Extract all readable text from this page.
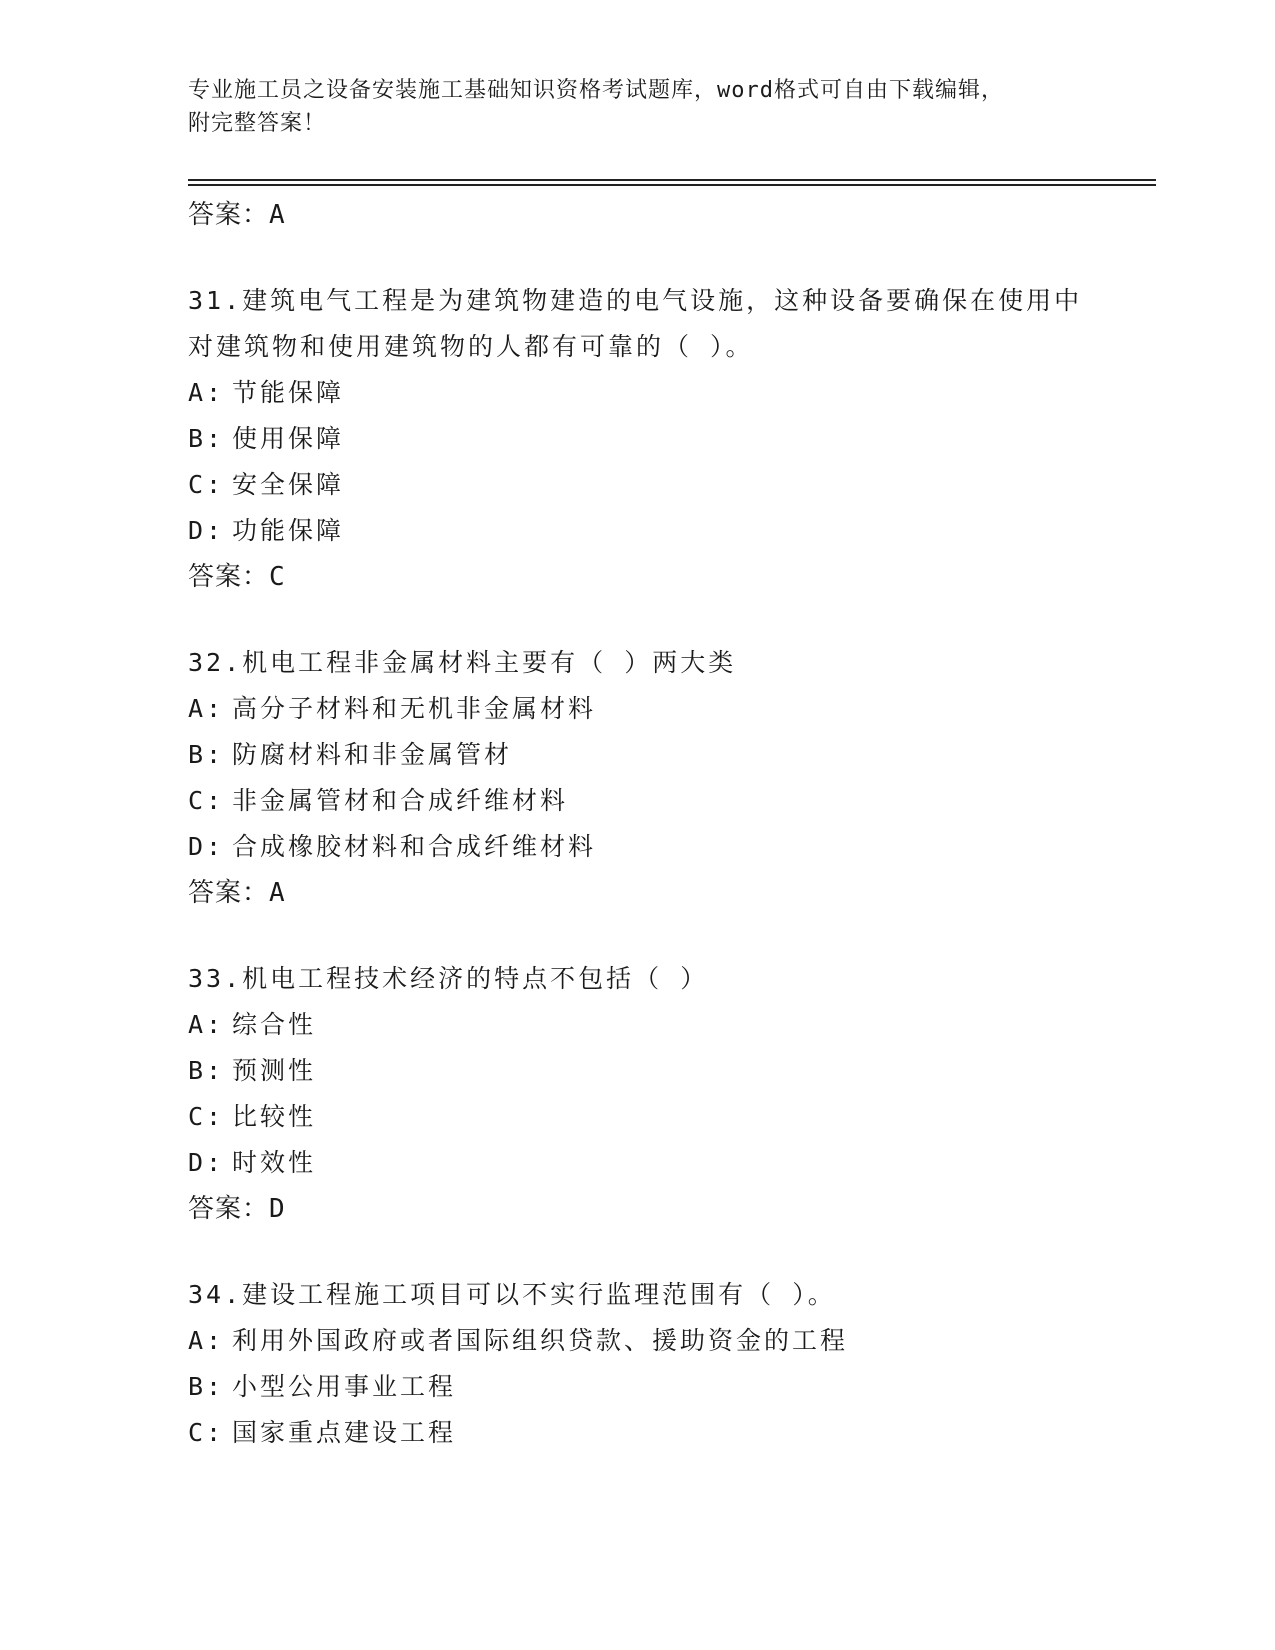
专业施工员之设备安装施工基础知识资格考试题库，word格式可自由下载编辑，
附完整答案！
答案：A
31.建筑电气工程是为建筑物建造的电气设施，这种设备要确保在使用中对建筑物和使用建筑物的人都有可靠的（ ）。
A: 节能保障
B: 使用保障
C: 安全保障
D: 功能保障
答案：C
32.机电工程非金属材料主要有（ ）两大类
A: 高分子材料和无机非金属材料
B: 防腐材料和非金属管材
C: 非金属管材和合成纤维材料
D: 合成橡胶材料和合成纤维材料
答案：A
33.机电工程技术经济的特点不包括（ ）
A: 综合性
B: 预测性
C: 比较性
D: 时效性
答案：D
34.建设工程施工项目可以不实行监理范围有（ ）。
A: 利用外国政府或者国际组织贷款、援助资金的工程
B: 小型公用事业工程
C: 国家重点建设工程
